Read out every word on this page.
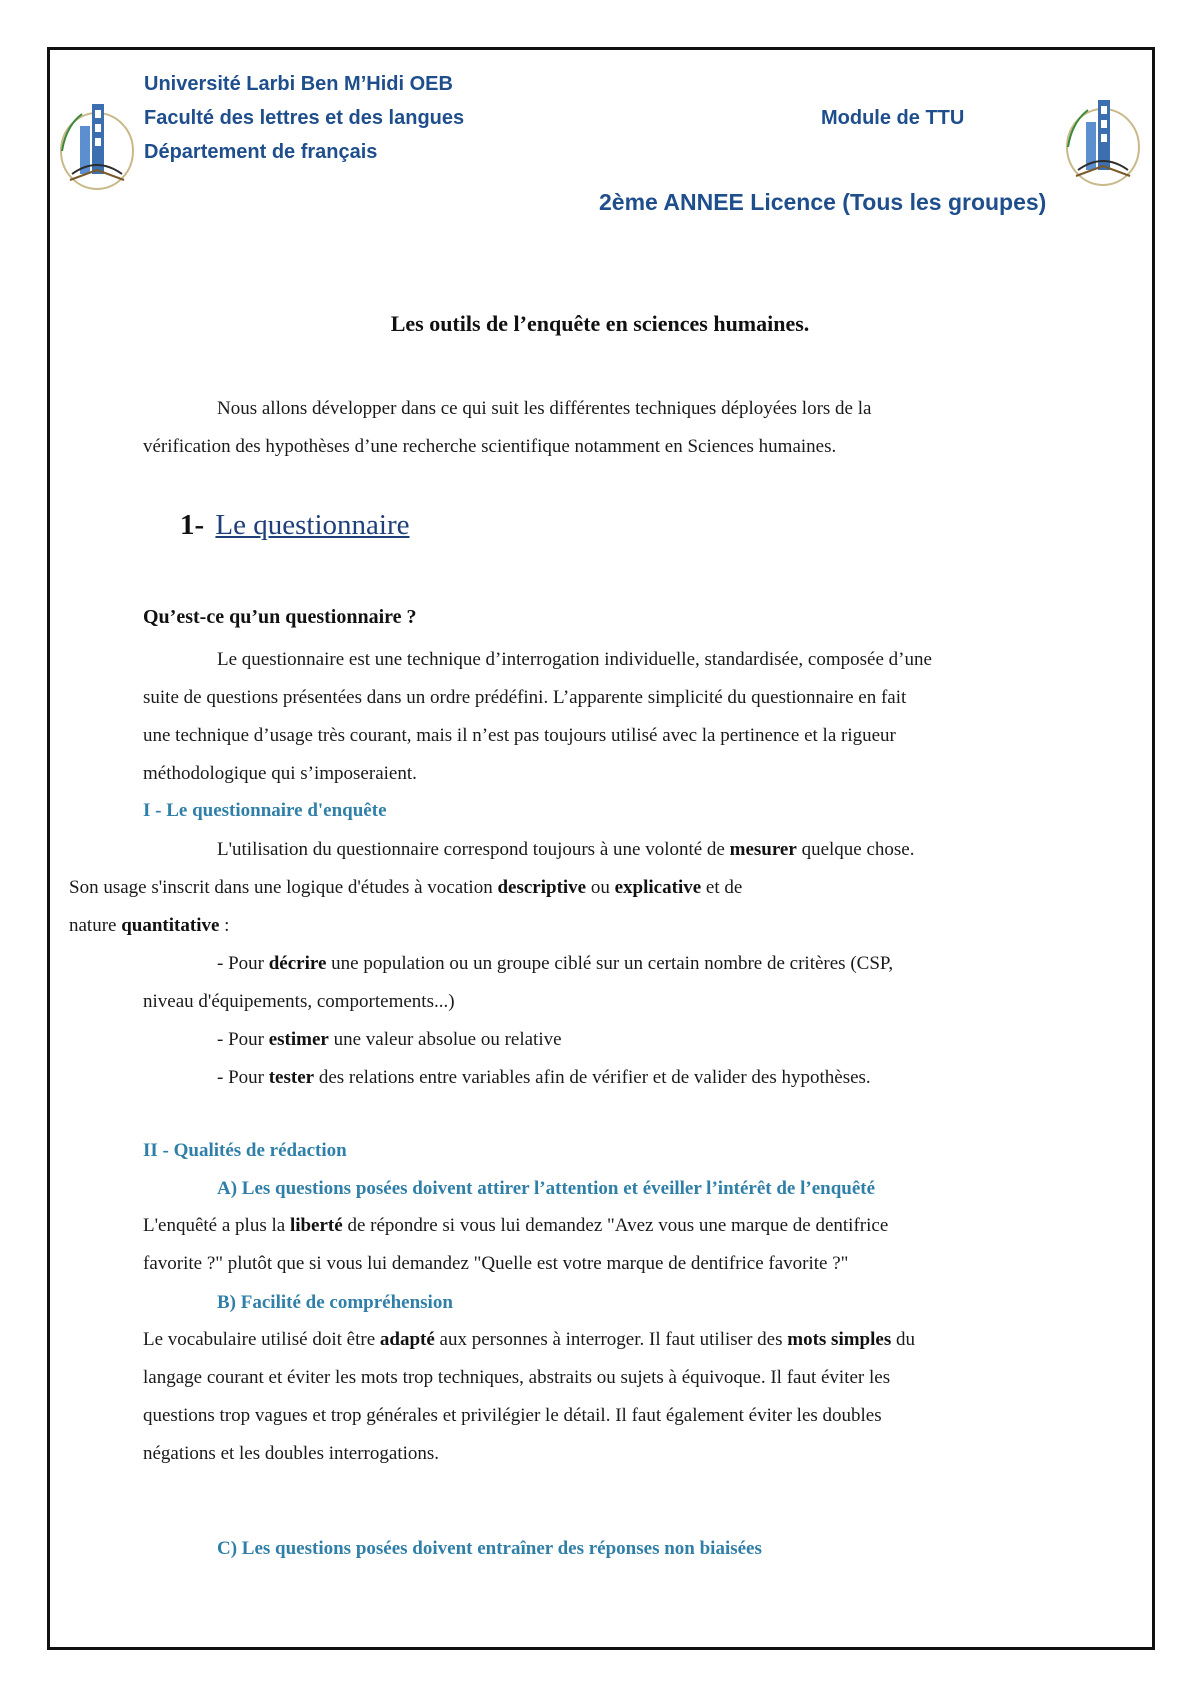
Université Larbi Ben M’Hidi OEB
Faculté des lettres et des langues
Département de français
Module de TTU
2ème ANNEE Licence (Tous les groupes)
Les outils de l’enquête en sciences humaines.
Nous allons développer dans ce qui suit les différentes techniques déployées lors de la
vérification des hypothèses d’une recherche scientifique notamment en Sciences humaines.
1- Le questionnaire
Qu’est-ce qu’un questionnaire ?
Le questionnaire est une technique d’interrogation individuelle, standardisée, composée d’une
suite de questions présentées dans un ordre prédéfini. L’apparente simplicité du questionnaire en fait
une technique d’usage très courant, mais il n’est pas toujours utilisé avec la pertinence et la rigueur
méthodologique qui s’imposeraient.
I - Le questionnaire d'enquête
L'utilisation du questionnaire correspond toujours à une volonté de mesurer quelque chose.
Son usage s'inscrit dans une logique d'études à vocation descriptive ou explicative et de
nature quantitative :
- Pour décrire une population ou un groupe ciblé sur un certain nombre de critères (CSP,
niveau d'équipements, comportements...)
- Pour estimer une valeur absolue ou relative
- Pour tester des relations entre variables afin de vérifier et de valider des hypothèses.
II - Qualités de rédaction
A) Les questions posées doivent attirer l’attention et éveiller l’intérêt de l’enquêté
L'enquêté a plus la liberté de répondre si vous lui demandez "Avez vous une marque de dentifrice
favorite ?" plutôt que si vous lui demandez "Quelle est votre marque de dentifrice favorite ?"
B) Facilité de compréhension
Le vocabulaire utilisé doit être adapté aux personnes à interroger. Il faut utiliser des mots simples du
langage courant et éviter les mots trop techniques, abstraits ou sujets à équivoque. Il faut éviter les
questions trop vagues et trop générales et privilégier le détail. Il faut également éviter les doubles
négations et les doubles interrogations.
C) Les questions posées doivent entraîner des réponses non biaisées
